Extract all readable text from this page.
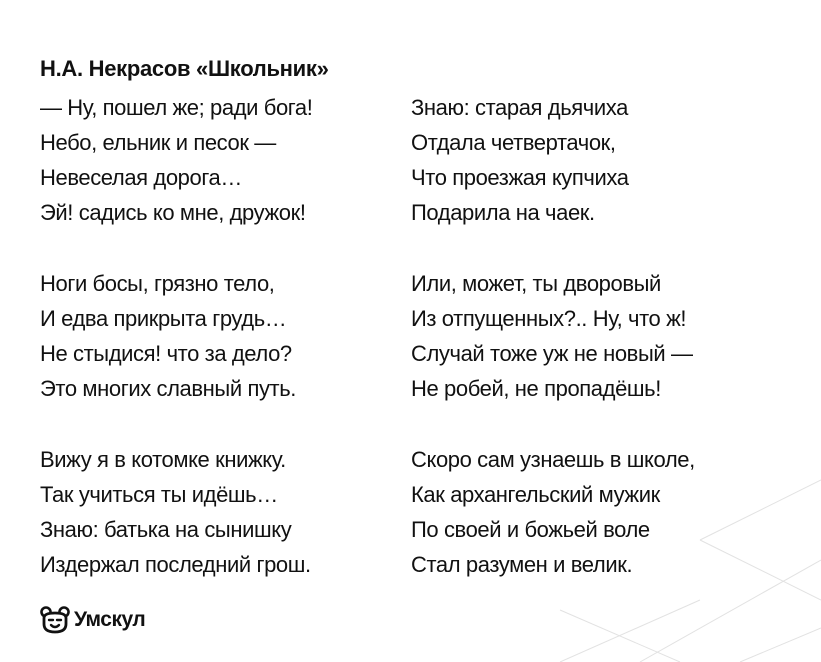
Н.А. Некрасов «Школьник»
— Ну, пошел же; ради бога!
Небо, ельник и песок —
Невеселая дорога…
Эй! садись ко мне, дружок!
Ноги босы, грязно тело,
И едва прикрыта грудь…
Не стыдися! что за дело?
Это многих славный путь.
Вижу я в котомке книжку.
Так учиться ты идёшь…
Знаю: батька на сынишку
Издержал последний грош.
Знаю: старая дьячиха
Отдала четвертачок,
Что проезжая купчиха
Подарила на чаек.
Или, может, ты дворовый
Из отпущенных?.. Ну, что ж!
Случай тоже уж не новый —
Не робей, не пропадёшь!
Скоро сам узнаешь в школе,
Как архангельский мужик
По своей и божьей воле
Стал разумен и велик.
Умскул
